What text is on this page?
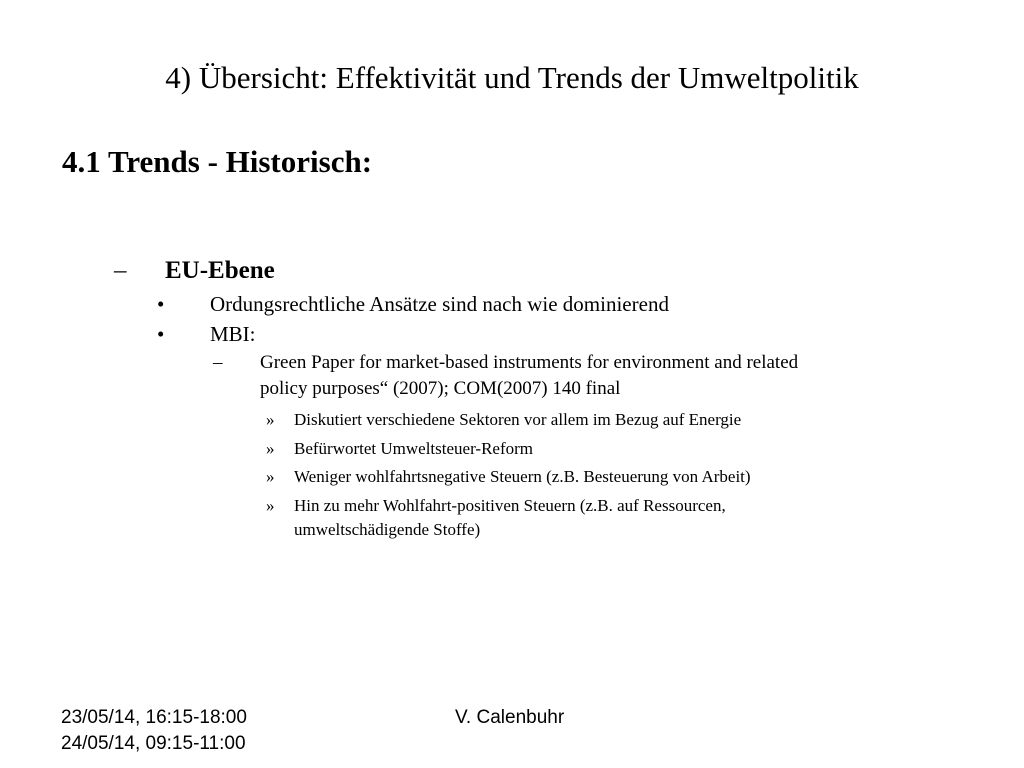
4) Übersicht: Effektivität und Trends der Umweltpolitik
4.1 Trends - Historisch:
– EU-Ebene
• Ordungsrechtliche Ansätze sind nach wie dominierend
• MBI:
– Green Paper for market-based instruments for environment and related
policy purposes“ (2007); COM(2007) 140 final
» Diskutiert verschiedene Sektoren vor allem im Bezug auf Energie
» Befürwortet Umweltsteuer-Reform
» Weniger wohlfahrtsnegative Steuern (z.B. Besteuerung von Arbeit)
» Hin zu mehr Wohlfahrt-positiven Steuern (z.B. auf Ressourcen,
umweltschädigende Stoffe)
23/05/14, 16:15-18:00
24/05/14, 09:15-11:00
V. Calenbuhr
